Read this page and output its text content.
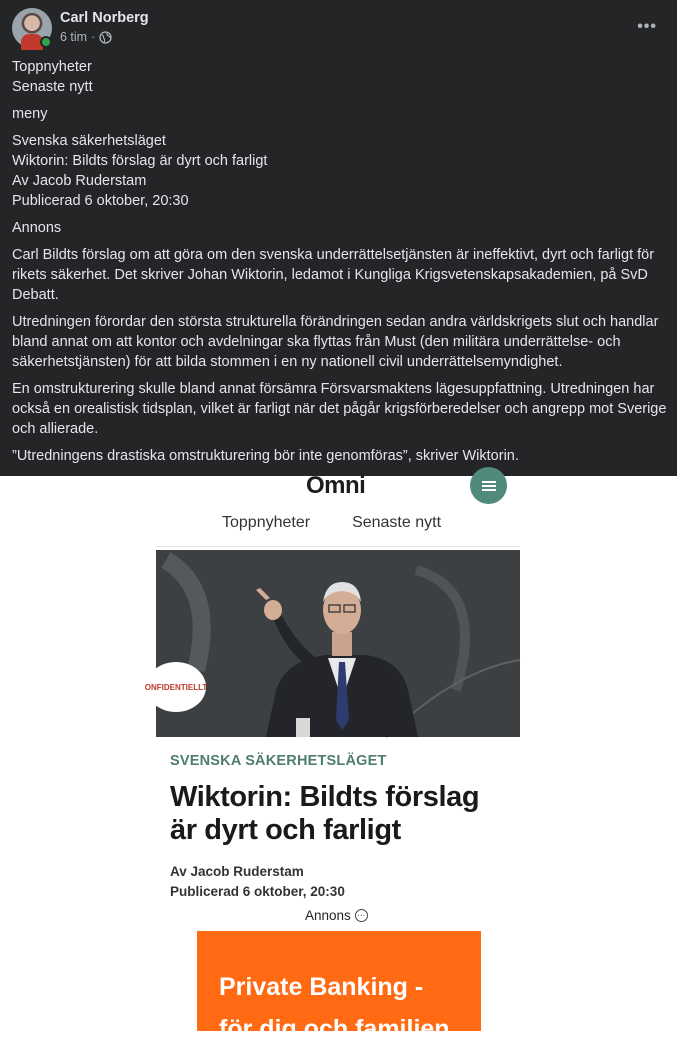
Carl Norberg
6 tim ·
•••
Toppnyheter
Senaste nytt

meny

Svenska säkerhetsläget
Wiktorin: Bildts förslag är dyrt och farligt
Av Jacob Ruderstam
Publicerad 6 oktober, 20:30

Annons

Carl Bildts förslag om att göra om den svenska underrättelsetjänsten är ineffektivt, dyrt och farligt för rikets säkerhet. Det skriver Johan Wiktorin, ledamot i Kungliga Krigsvetenskapsakademien, på SvD Debatt.

Utredningen förordar den största strukturella förändringen sedan andra världskrigets slut och handlar bland annat om att kontor och avdelningar ska flyttas från Must (den militära underrättelse- och säkerhetstjänsten) för att bilda stommen i en ny nationell civil underrättelsemyndighet.

En omstrukturering skulle bland annat försämra Försvarsmaktens lägesuppfattning. Utredningen har också en orealistisk tidsplan, vilket är farligt när det pågår krigsförberedelser och angrepp mot Sverige och allierade.

”Utredningens drastiska omstrukturering bör inte genomföras”, skriver Wiktorin.

Omni
Toppnyheter	Senaste nytt
ONFIDENTIELLT
SVENSKA SÄKERHETSLÄGET
Wiktorin: Bildts förslag är dyrt och farligt
Av Jacob Ruderstam
Publicerad 6 oktober, 20:30
Annons ⋯
Private Banking -
för dig och familjen
